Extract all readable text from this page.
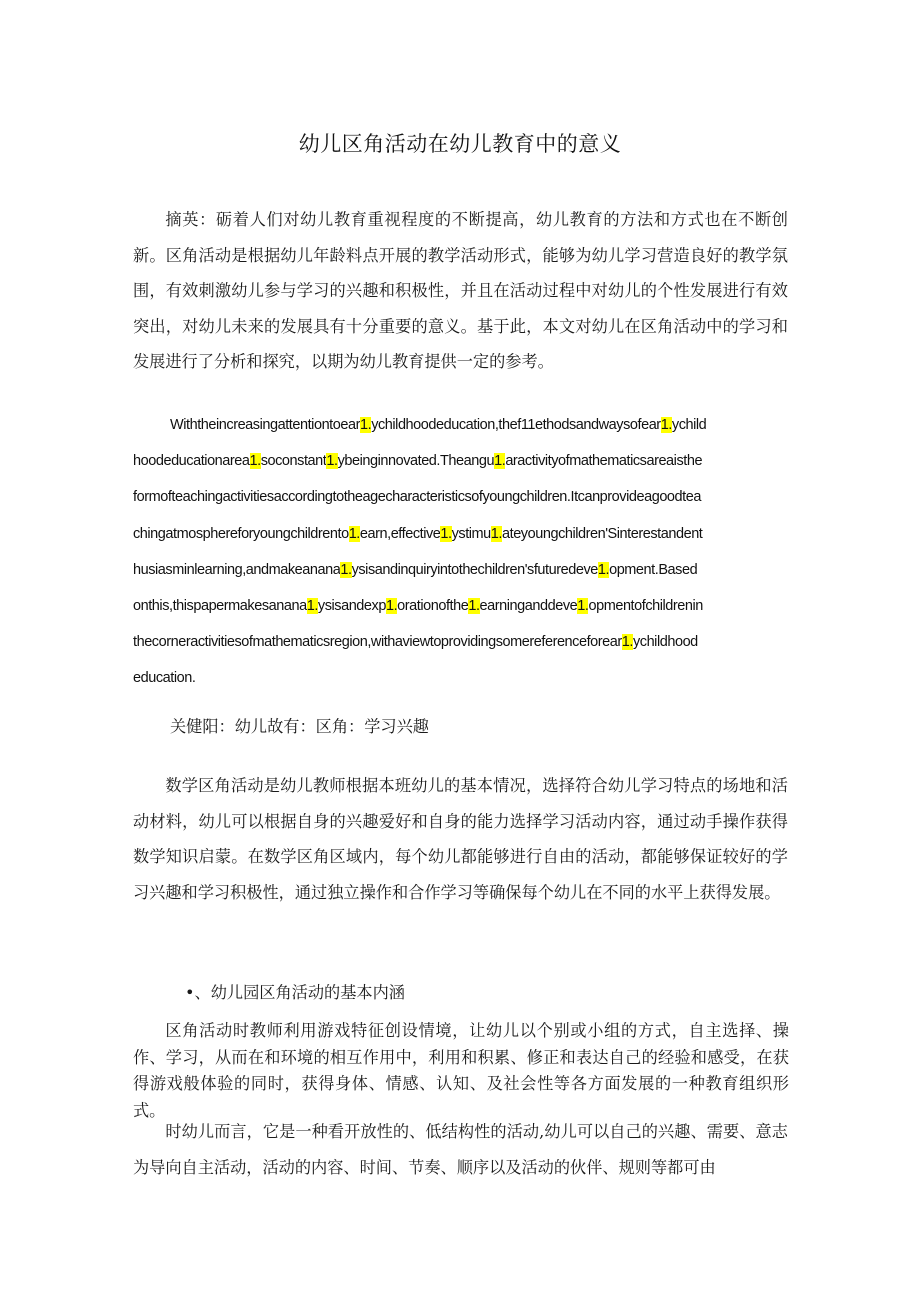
幼儿区角活动在幼儿教育中的意义

摘英：砺着人们对幼儿教育重视程度的不断提高，幼儿教育的方法和方式也在不断创新。区角活动是根据幼儿年龄料点开展的教学活动形式，能够为幼儿学习营造良好的教学氛围，有效刺激幼儿参与学习的兴趣和积极性，并且在活动过程中对幼儿的个性发展进行有效突出，对幼儿未来的发展具有十分重要的意义。基于此，本文对幼儿在区角活动中的学习和发展进行了分析和探究，以期为幼儿教育提供一定的参考。

Withtheincreasingattentiontoear1.ychildhoodeducation,thef11ethodsandwaysofear1.ychild
hoodeducationarea1.soconstant1.ybeinginnovated.Theangu1.aractivityofmathematicsareaisthe
formofteachingactivitiesaccordingtotheagecharacteristicsofyoungchildren.Itcanprovideagoodtea
chingatmosphereforyoungchildrento1.earn,effective1.ystimu1.ateyoungchildren'Sinterestandent
husiasminlearning,andmakeanana1.ysisandinquiryintothechildren'sfuturedeve1.opment.Based
onthis,thispapermakesanana1.ysisandexp1.orationofthe1.earninganddeve1.opmentofchildrenin
thecorneractivitiesofmathematicsregion,withaviewtoprovidingsomereferenceforear1.ychildhood
education.
关健阳：幼儿故有：区角：学习兴趣

数学区角活动是幼儿教师根据本班幼儿的基本情况，选择符合幼儿学习特点的场地和活动材料，幼儿可以根据自身的兴趣爱好和自身的能力选择学习活动内容，通过动手操作获得数学知识启蒙。在数学区角区域内，每个幼儿都能够进行自由的活动，都能够保证较好的学习兴趣和学习积极性，通过独立操作和合作学习等确保每个幼儿在不同的水平上获得发展。

•、幼儿园区角活动的基本内涵

区角活动时教师利用游戏特征创设情境，让幼儿以个别或小组的方式，自主选择、操作、学习，从而在和环境的相互作用中，利用和积累、修正和表达自己的经验和感受，在获得游戏般体验的同时，获得身体、情感、认知、及社会性等各方面发展的一种教育组织形式。

时幼儿而言，它是一种看开放性的、低结构性的活动,幼儿可以自己的兴趣、需要、意志为导向自主活动，活动的内容、时间、节奏、顺序以及活动的伙伴、规则等都可由
